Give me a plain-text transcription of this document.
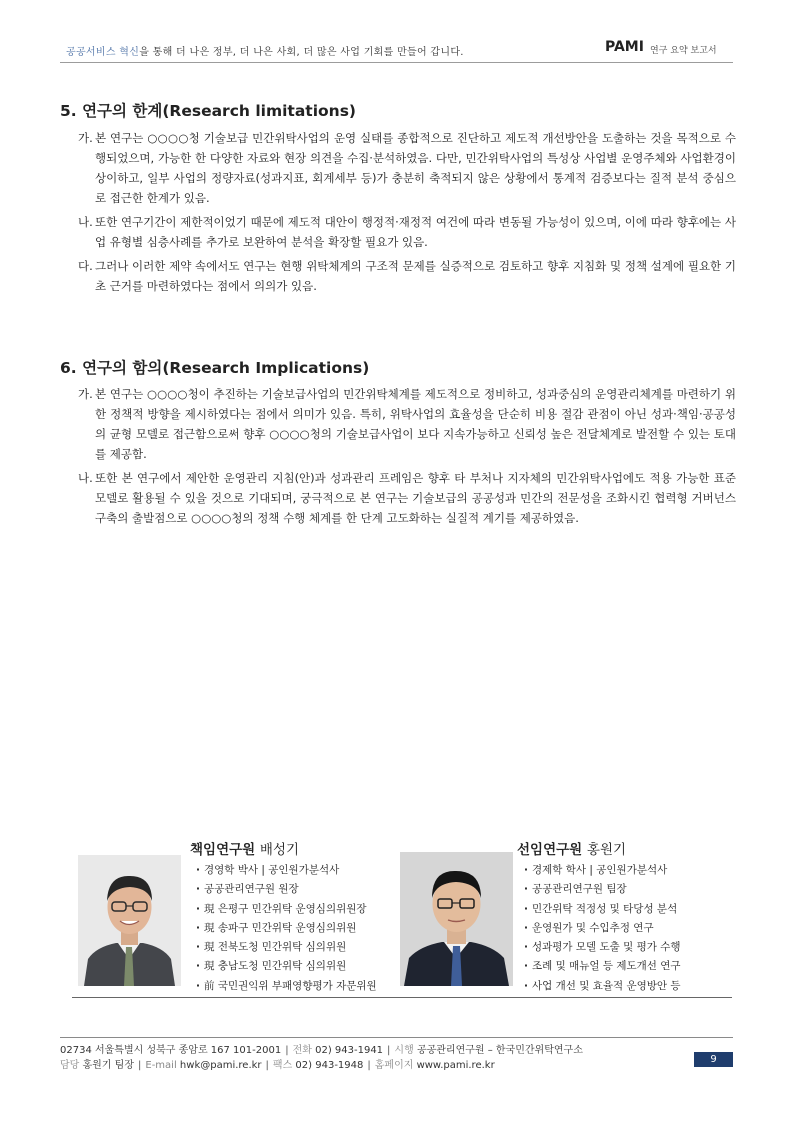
공공서비스 혁신을 통해 더 나은 정부, 더 나은 사회, 더 많은 사업 기회를 만들어 갑니다.	PAMI 연구 요약 보고서
5. 연구의 한계(Research limitations)
가. 본 연구는 ○○○○청 기술보급 민간위탁사업의 운영 실태를 종합적으로 진단하고 제도적 개선방안을 도출하는 것을 목적으로 수행되었으며, 가능한 한 다양한 자료와 현장 의견을 수집·분석하였음. 다만, 민간위탁사업의 특성상 사업별 운영주체와 사업환경이 상이하고, 일부 사업의 정량자료(성과지표, 회계세부 등)가 충분히 축적되지 않은 상황에서 통계적 검증보다는 질적 분석 중심으로 접근한 한계가 있음.
나. 또한 연구기간이 제한적이었기 때문에 제도적 대안이 행정적·재정적 여건에 따라 변동될 가능성이 있으며, 이에 따라 향후에는 사업 유형별 심층사례를 추가로 보완하여 분석을 확장할 필요가 있음.
다. 그러나 이러한 제약 속에서도 연구는 현행 위탁체계의 구조적 문제를 실증적으로 검토하고 향후 지침화 및 정책 설계에 필요한 기초 근거를 마련하였다는 점에서 의의가 있음.
6. 연구의 함의(Research Implications)
가. 본 연구는 ○○○○청이 추진하는 기술보급사업의 민간위탁체계를 제도적으로 정비하고, 성과중심의 운영관리체계를 마련하기 위한 정책적 방향을 제시하였다는 점에서 의미가 있음. 특히, 위탁사업의 효율성을 단순히 비용 절감 관점이 아닌 성과·책임·공공성의 균형 모델로 접근함으로써 향후 ○○○○청의 기술보급사업이 보다 지속가능하고 신뢰성 높은 전달체계로 발전할 수 있는 토대를 제공함.
나. 또한 본 연구에서 제안한 운영관리 지침(안)과 성과관리 프레임은 향후 타 부처나 지자체의 민간위탁사업에도 적용 가능한 표준모델로 활용될 수 있을 것으로 기대되며, 궁극적으로 본 연구는 기술보급의 공공성과 민간의 전문성을 조화시킨 협력형 거버넌스 구축의 출발점으로 ○○○○청의 정책 수행 체계를 한 단계 고도화하는 실질적 계기를 제공하였음.
책임연구원 배성기
· 경영학 박사 | 공인원가분석사
· 공공관리연구원 원장
· 現 은평구 민간위탁 운영심의위원장
· 現 송파구 민간위탁 운영심의위원
· 現 전북도청 민간위탁 심의위원
· 現 충남도청 민간위탁 심의위원
· 前 국민권익위 부패영향평가 자문위원
선임연구원 홍원기
· 경제학 학사 | 공인원가분석사
· 공공관리연구원 팀장
· 민간위탁 적정성 및 타당성 분석
· 운영원가 및 수입추정 연구
· 성과평가 모델 도출 및 평가 수행
· 조례 및 매뉴얼 등 제도개선 연구
· 사업 개선 및 효율적 운영방안 등
02734 서울특별시 성북구 종암로 167 101-2001 | 전화 02) 943-1941 | 시행 공공관리연구원 – 한국민간위탁연구소
담당 홍원기 팀장 | E-mail hwk@pami.re.kr | 팩스 02) 943-1948 | 홈페이지 www.pami.re.kr
9
